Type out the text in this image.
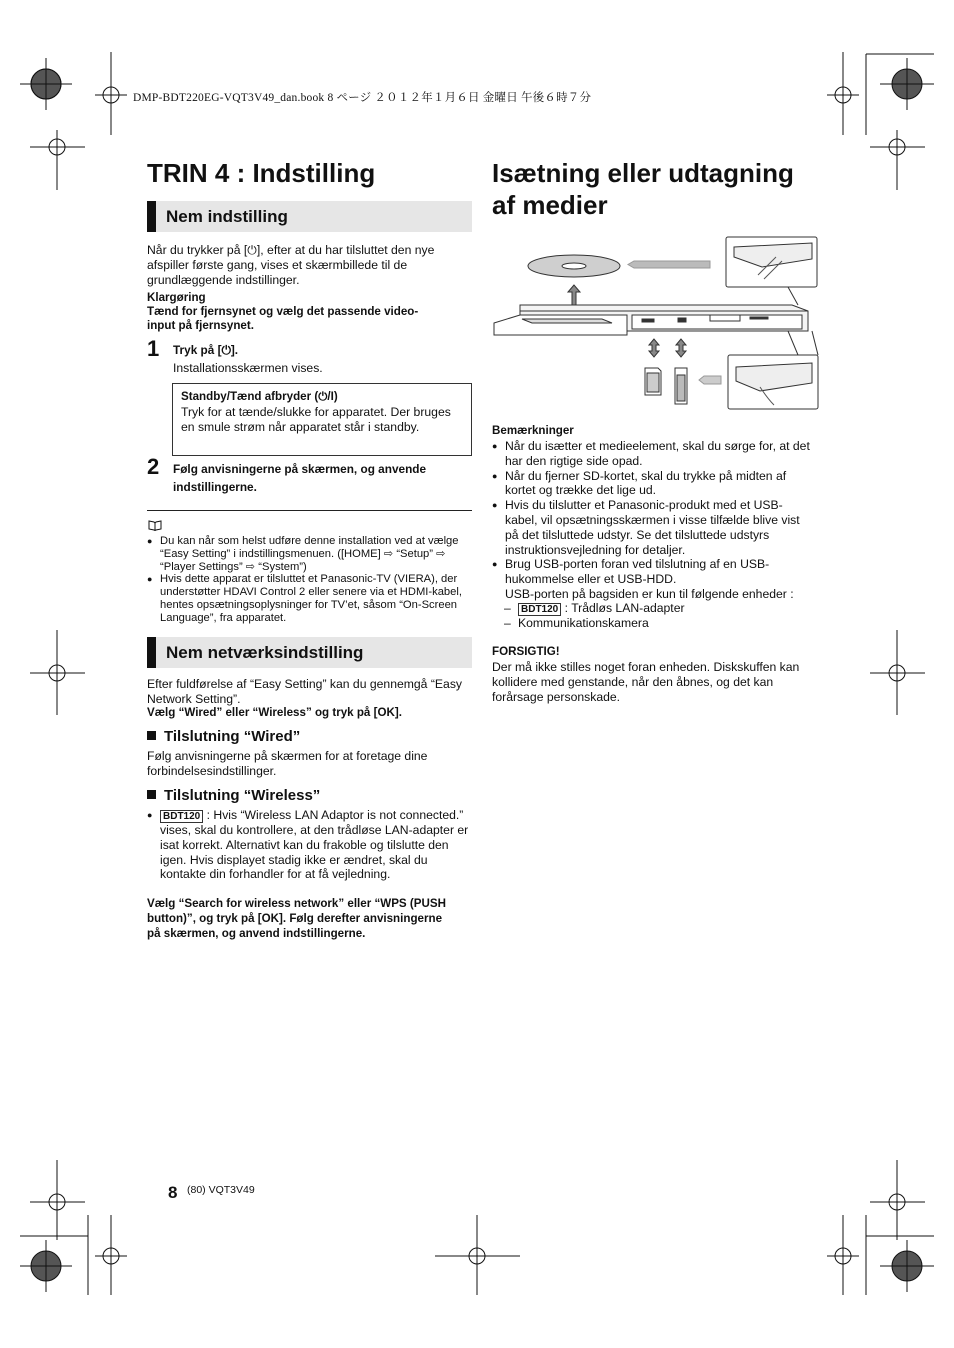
DMP-BDT220EG-VQT3V49_dan.book 8 ページ ２０１２年１月６日 金曜日 午後６時７分
TRIN 4 : Indstilling
Nem indstilling
Når du trykker på [⏻], efter at du har tilsluttet den nye afspiller første gang, vises et skærmbillede til de grundlæggende indstillinger.
Klargøring
Tænd for fjernsynet og vælg det passende video-input på fjernsynet.
1 Tryk på [⏻].
Installationsskærmen vises.
Standby/Tænd afbryder (⏻/I)
Tryk for at tænde/slukke for apparatet. Der bruges en smule strøm når apparatet står i standby.
2 Følg anvisningerne på skærmen, og anvende indstillingerne.
● Du kan når som helst udføre denne installation ved at vælge “Easy Setting” i indstillingsmenuen. ([HOME] ⇨ “Setup” ⇨ “Player Settings” ⇨ “System”)
● Hvis dette apparat er tilsluttet et Panasonic-TV (VIERA), der understøtter HDAVI Control 2 eller senere via et HDMI-kabel, hentes opsætningsoplysninger for TV’et, såsom “On-Screen Language”, fra apparatet.
Nem netværksindstilling
Efter fuldførelse af “Easy Setting” kan du gennemgå “Easy Network Setting”.
Vælg “Wired” eller “Wireless” og tryk på [OK].
Tilslutning “Wired”
Følg anvisningerne på skærmen for at foretage dine forbindelsesindstillinger.
Tilslutning “Wireless”
● BDT120 : Hvis “Wireless LAN Adaptor is not connected.” vises, skal du kontrollere, at den trådløse LAN-adapter er isat korrekt. Alternativt kan du frakoble og tilslutte den igen. Hvis displayet stadig ikke er ændret, skal du kontakte din forhandler for at få vejledning.
Vælg “Search for wireless network” eller “WPS (PUSH button)”, og tryk på [OK]. Følg derefter anvisningerne på skærmen, og anvend indstillingerne.
Isætning eller udtagning
af medier
Bemærkninger
● Når du isætter et medieelement, skal du sørge for, at det har den rigtige side opad.
● Når du fjerner SD-kortet, skal du trykke på midten af kortet og trække det lige ud.
● Hvis du tilslutter et Panasonic-produkt med et USB-kabel, vil opsætningsskærmen i visse tilfælde blive vist på det tilsluttede udstyr. Se det tilsluttede udstyrs instruktionsvejledning for detaljer.
● Brug USB-porten foran ved tilslutning af en USB-hukommelse eller et USB-HDD.
USB-porten på bagsiden er kun til følgende enheder :
– BDT120 : Trådløs LAN-adapter
– Kommunikationskamera
FORSIGTIG!
Der må ikke stilles noget foran enheden. Diskskuffen kan kollidere med genstande, når den åbnes, og det kan forårsage personskade.
8 (80) VQT3V49
